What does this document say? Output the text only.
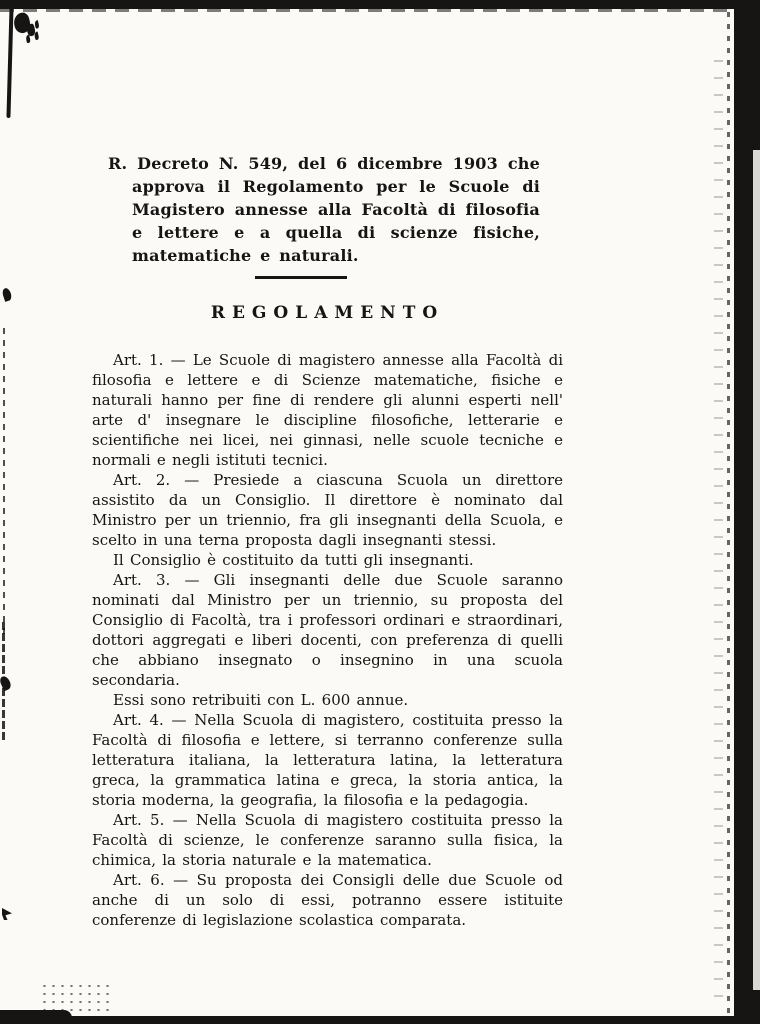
R. Decreto N. 549, del 6 dicembre 1903 che approva il Regolamento per le Scuole di Magistero annesse alla Facoltà di filosofia e lettere e a quella di scienze fisiche, matematiche e naturali.

REGOLAMENTO

Art. 1. — Le Scuole di magistero annesse alla Facoltà di filosofia e lettere e di Scienze matematiche, fisiche e naturali hanno per fine di rendere gli alunni esperti nell' arte d' insegnare le discipline filosofiche, letterarie e scientifiche nei licei, nei ginnasi, nelle scuole tecniche e normali e negli istituti tecnici.

Art. 2. — Presiede a ciascuna Scuola un direttore assistito da un Consiglio. Il direttore è nominato dal Ministro per un triennio, fra gli insegnanti della Scuola, e scelto in una terna proposta dagli insegnanti stessi.

Il Consiglio è costituito da tutti gli insegnanti.

Art. 3. — Gli insegnanti delle due Scuole saranno nominati dal Ministro per un triennio, su proposta del Consiglio di Facoltà, tra i professori ordinari e straordinari, dottori aggregati e liberi docenti, con preferenza di quelli che abbiano insegnato o insegnino in una scuola secondaria.

Essi sono retribuiti con L. 600 annue.

Art. 4. — Nella Scuola di magistero, costituita presso la Facoltà di filosofia e lettere, si terranno conferenze sulla letteratura italiana, la letteratura latina, la letteratura greca, la grammatica latina e greca, la storia antica, la storia moderna, la geografia, la filosofia e la pedagogia.

Art. 5. — Nella Scuola di magistero costituita presso la Facoltà di scienze, le conferenze saranno sulla fisica, la chimica, la storia naturale e la matematica.

Art. 6. — Su proposta dei Consigli delle due Scuole od anche di un solo di essi, potranno essere istituite conferenze di legislazione scolastica comparata.
